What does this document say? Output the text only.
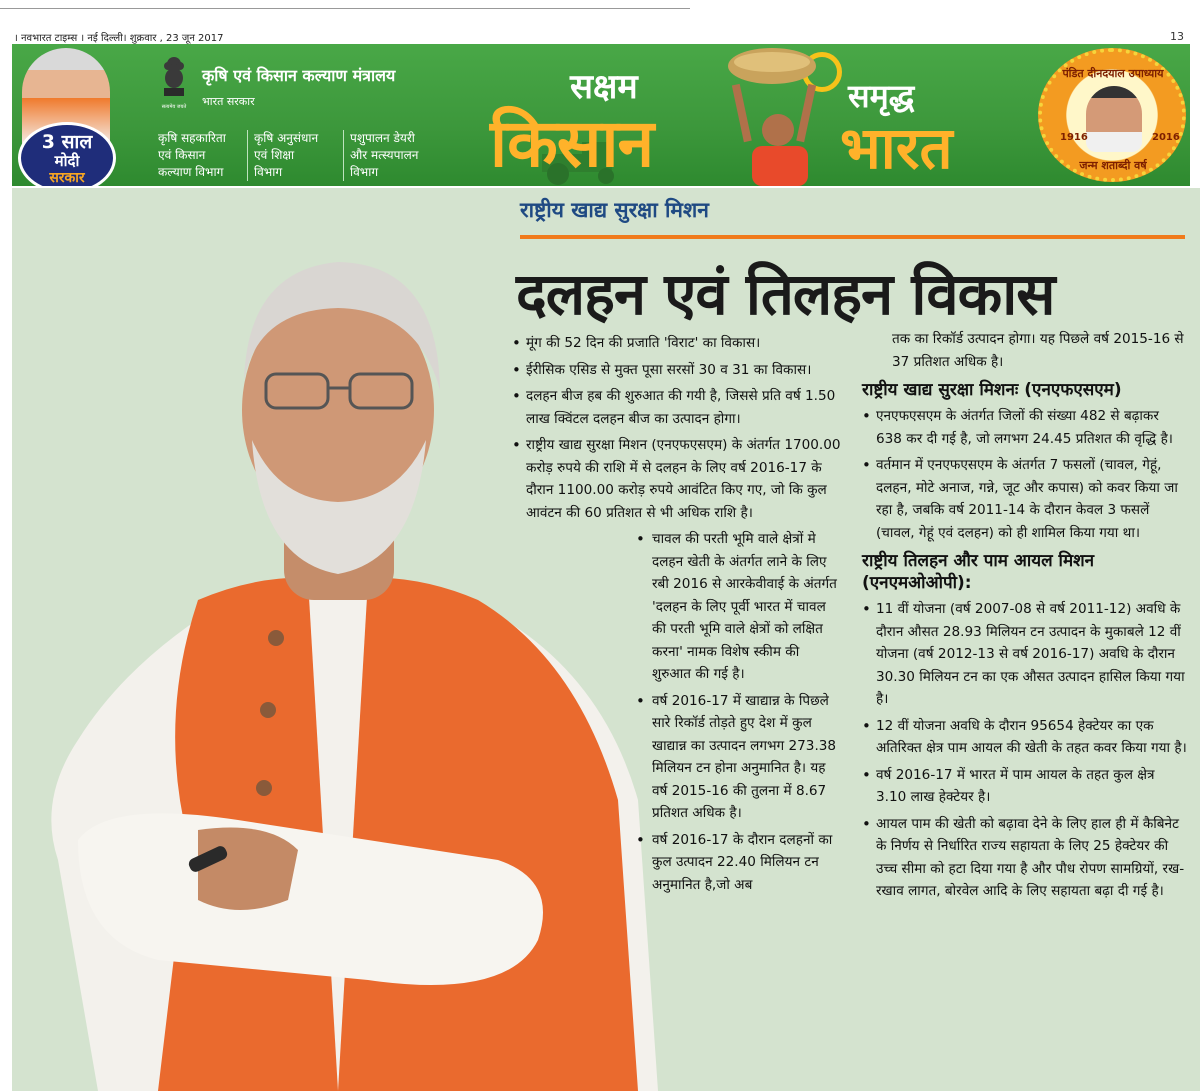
। नवभारत टाइम्स । नई दिल्ली। शुक्रवार , 23 जून 2017	13
3 साल
मोदी
सरकार
सत्यमेव जयते
कृषि एवं किसान कल्याण मंत्रालय
भारत सरकार
कृषि सहकारिता
एवं किसान
कल्याण विभाग
कृषि अनुसंधान
एवं शिक्षा
विभाग
पशुपालन डेयरी
और मत्स्यपालन
विभाग
सक्षम
किसान
समृद्ध
भारत
पंडित दीनदयाल उपाध्याय
1916	2016
जन्म शताब्दी वर्ष
राष्ट्रीय खाद्य सुरक्षा मिशन
दलहन एवं तिलहन विकास
• मूंग की 52 दिन की प्रजाति 'विराट' का विकास।
• ईरीसिक एसिड से मुक्त पूसा सरसों 30 व 31 का विकास।
• दलहन बीज हब की शुरुआत की गयी है, जिससे प्रति वर्ष 1.50 लाख क्विंटल दलहन बीज का उत्पादन होगा।
• राष्ट्रीय खाद्य सुरक्षा मिशन (एनएफएसएम) के अंतर्गत 1700.00 करोड़ रुपये की राशि में से दलहन के लिए वर्ष 2016-17 के दौरान 1100.00 करोड़ रुपये आवंटित किए गए, जो कि कुल आवंटन की 60 प्रतिशत से भी अधिक राशि है।
• चावल की परती भूमि वाले क्षेत्रों मे दलहन खेती के अंतर्गत लाने के लिए रबी 2016 से आरकेवीवाई के अंतर्गत 'दलहन के लिए पूर्वी भारत में चावल की परती भूमि वाले क्षेत्रों को लक्षित करना' नामक विशेष स्कीम की शुरुआत की गई है।
• वर्ष 2016-17 में खाद्यान्न के पिछले सारे रिकॉर्ड तोड़ते हुए देश में कुल खाद्यान्न का उत्पादन लगभग 273.38 मिलियन टन होना अनुमानित है। यह वर्ष 2015-16 की तुलना में 8.67 प्रतिशत अधिक है।
• वर्ष 2016-17 के दौरान दलहनों का कुल उत्पादन 22.40 मिलियन टन अनुमानित है,जो अब
तक का रिकॉर्ड उत्पादन होगा। यह पिछले वर्ष 2015-16 से 37 प्रतिशत अधिक है।
राष्ट्रीय खाद्य सुरक्षा मिशनः (एनएफएसएम)
• एनएफएसएम के अंतर्गत जिलों की संख्या 482 से बढ़ाकर 638 कर दी गई है, जो लगभग 24.45 प्रतिशत की वृद्धि है।
• वर्तमान में एनएफएसएम के अंतर्गत 7 फसलों (चावल, गेहूं, दलहन, मोटे अनाज, गन्ने, जूट और कपास) को कवर किया जा रहा है, जबकि वर्ष 2011-14 के दौरान केवल 3 फसलें (चावल, गेहूं एवं दलहन) को ही शामिल किया गया था।
राष्ट्रीय तिलहन और पाम आयल मिशन (एनएमओओपी):
• 11 वीं योजना (वर्ष 2007-08 से वर्ष 2011-12) अवधि के दौरान औसत 28.93 मिलियन टन उत्पादन के मुकाबले 12 वीं योजना (वर्ष 2012-13 से वर्ष 2016-17) अवधि के दौरान 30.30 मिलियन टन का एक औसत उत्पादन हासिल किया गया है।
• 12 वीं योजना अवधि के दौरान 95654 हेक्टेयर का एक अतिरिक्त क्षेत्र पाम आयल की खेती के तहत कवर किया गया है।
• वर्ष 2016-17 में भारत में पाम आयल के तहत कुल क्षेत्र 3.10 लाख हेक्टेयर है।
• आयल पाम की खेती को बढ़ावा देने के लिए हाल ही में कैबिनेट के निर्णय से निर्धारित राज्य सहायता के लिए 25 हेक्टेयर की उच्च सीमा को हटा दिया गया है और पौध रोपण सामग्रियों, रख-रखाव लागत, बोरवेल आदि के लिए सहायता बढ़ा दी गई है।
